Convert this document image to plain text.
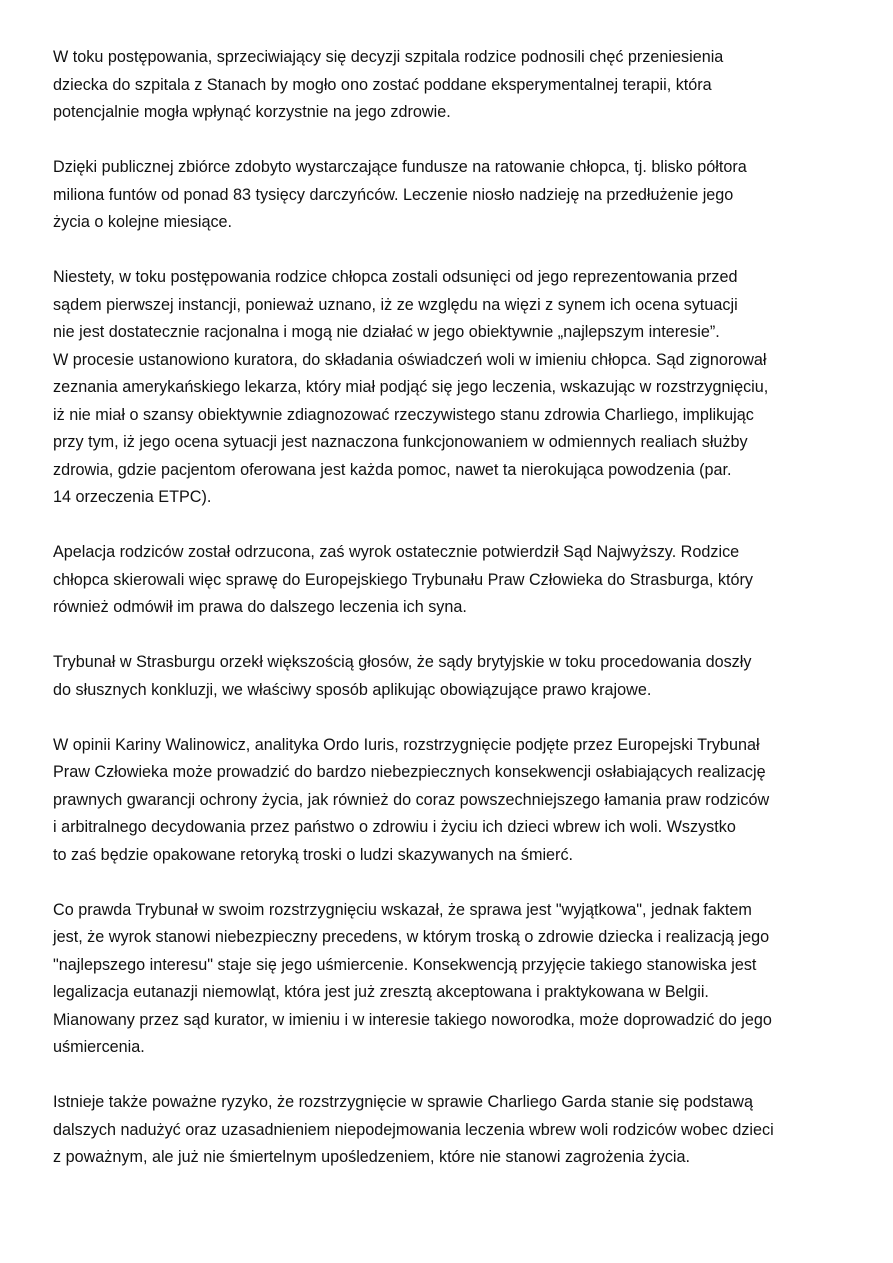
W toku postępowania, sprzeciwiający się decyzji szpitala rodzice podnosili chęć przeniesienia
dziecka do szpitala z Stanach by mogło ono zostać poddane eksperymentalnej terapii, która
potencjalnie mogła wpłynąć korzystnie na jego zdrowie.

Dzięki publicznej zbiórce zdobyto wystarczające fundusze na ratowanie chłopca, tj. blisko półtora
miliona funtów od ponad 83 tysięcy darczyńców. Leczenie niosło nadzieję na przedłużenie jego
życia o kolejne miesiące.

Niestety, w toku postępowania rodzice chłopca zostali odsunięci od jego reprezentowania przed
sądem pierwszej instancji, ponieważ uznano, iż ze względu na więzi z synem ich ocena sytuacji
nie jest dostatecznie racjonalna i mogą nie działać w jego obiektywnie „najlepszym interesie”.
W procesie ustanowiono kuratora, do składania oświadczeń woli w imieniu chłopca. Sąd zignorował
zeznania amerykańskiego lekarza, który miał podjąć się jego leczenia, wskazując w rozstrzygnięciu,
iż nie miał o szansy obiektywnie zdiagnozować rzeczywistego stanu zdrowia Charliego, implikując
przy tym, iż jego ocena sytuacji jest naznaczona funkcjonowaniem w odmiennych realiach służby
zdrowia, gdzie pacjentom oferowana jest każda pomoc, nawet ta nierokująca powodzenia (par.
14 orzeczenia ETPC).

Apelacja rodziców został odrzucona, zaś wyrok ostatecznie potwierdził Sąd Najwyższy. Rodzice
chłopca skierowali więc sprawę do Europejskiego Trybunału Praw Człowieka do Strasburga, który
również odmówił im prawa do dalszego leczenia ich syna.

Trybunał w Strasburgu orzekł większością głosów, że sądy brytyjskie w toku procedowania doszły
do słusznych konkluzji, we właściwy sposób aplikując obowiązujące prawo krajowe.

W opinii Kariny Walinowicz, analityka Ordo Iuris, rozstrzygnięcie podjęte przez Europejski Trybunał
Praw Człowieka może prowadzić do bardzo niebezpiecznych konsekwencji osłabiających realizację
prawnych gwarancji ochrony życia, jak również do coraz powszechniejszego łamania praw rodziców
i arbitralnego decydowania przez państwo o zdrowiu i życiu ich dzieci wbrew ich woli. Wszystko
to zaś będzie opakowane retoryką troski o ludzi skazywanych na śmierć.

Co prawda Trybunał w swoim rozstrzygnięciu wskazał, że sprawa jest "wyjątkowa", jednak faktem
jest, że wyrok stanowi niebezpieczny precedens, w którym troską o zdrowie dziecka i realizacją jego
"najlepszego interesu" staje się jego uśmiercenie. Konsekwencją przyjęcie takiego stanowiska jest
legalizacja eutanazji niemowląt, która jest już zresztą akceptowana i praktykowana w Belgii.
Mianowany przez sąd kurator, w imieniu i w interesie takiego noworodka, może doprowadzić do jego
uśmiercenia.

Istnieje także poważne ryzyko, że rozstrzygnięcie w sprawie Charliego Garda stanie się podstawą
dalszych nadużyć oraz uzasadnieniem niepodejmowania leczenia wbrew woli rodziców wobec dzieci
z poważnym, ale już nie śmiertelnym upośledzeniem, które nie stanowi zagrożenia życia.
